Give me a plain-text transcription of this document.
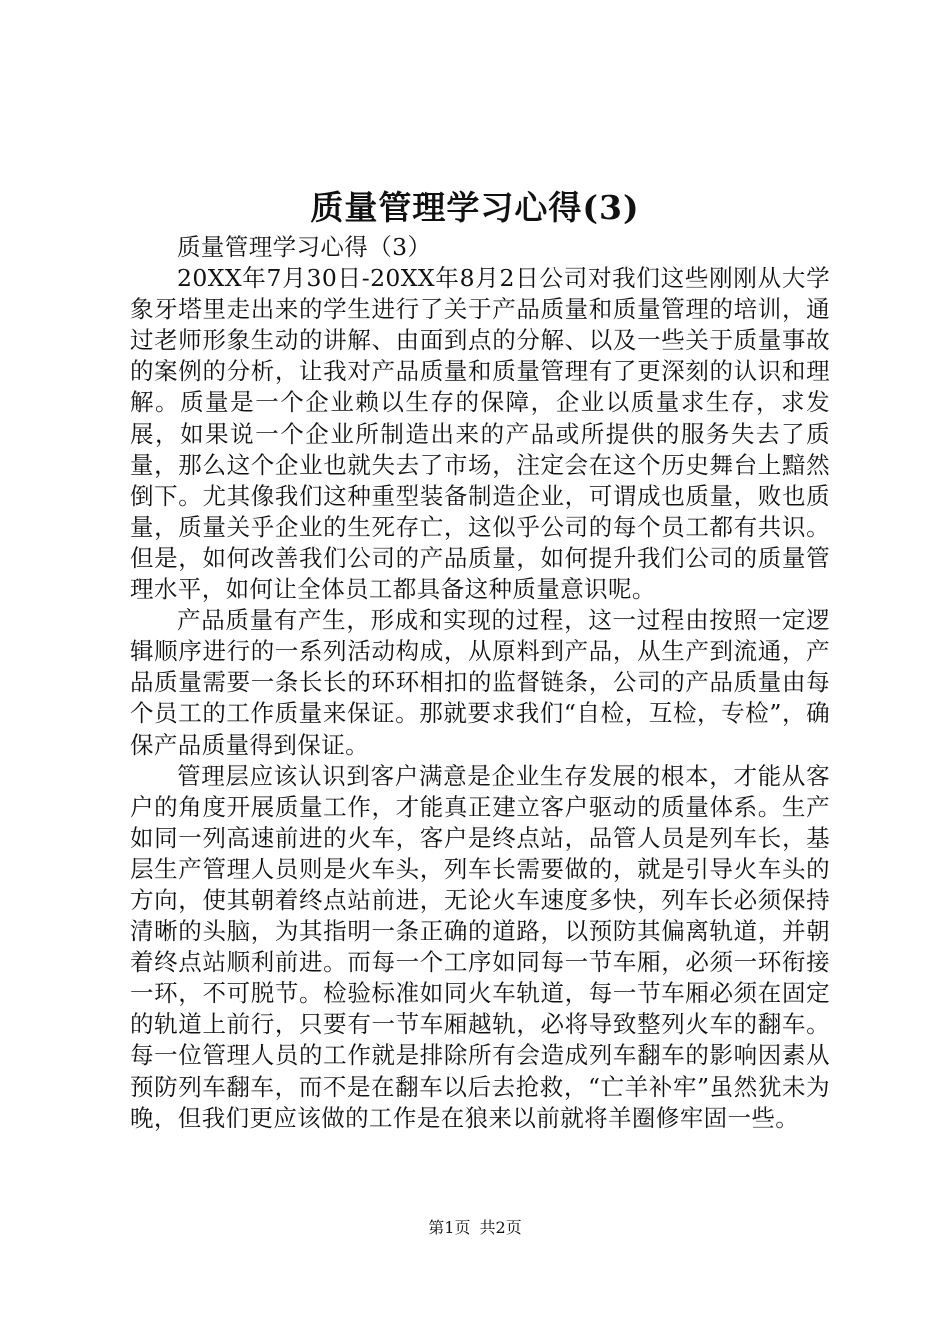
质量管理学习心得(3)

质量管理学习心得（3）

20XX年7月30日-20XX年8月2日公司对我们这些刚刚从大学象牙塔里走出来的学生进行了关于产品质量和质量管理的培训，通过老师形象生动的讲解、由面到点的分解、以及一些关于质量事故的案例的分析，让我对产品质量和质量管理有了更深刻的认识和理解。质量是一个企业赖以生存的保障，企业以质量求生存，求发展，如果说一个企业所制造出来的产品或所提供的服务失去了质量，那么这个企业也就失去了市场，注定会在这个历史舞台上黯然倒下。尤其像我们这种重型装备制造企业，可谓成也质量，败也质量，质量关乎企业的生死存亡，这似乎公司的每个员工都有共识。但是，如何改善我们公司的产品质量，如何提升我们公司的质量管理水平，如何让全体员工都具备这种质量意识呢。

产品质量有产生，形成和实现的过程，这一过程由按照一定逻辑顺序进行的一系列活动构成，从原料到产品，从生产到流通，产品质量需要一条长长的环环相扣的监督链条，公司的产品质量由每个员工的工作质量来保证。那就要求我们“自检，互检，专检”，确保产品质量得到保证。

管理层应该认识到客户满意是企业生存发展的根本，才能从客户的角度开展质量工作，才能真正建立客户驱动的质量体系。生产如同一列高速前进的火车，客户是终点站，品管人员是列车长，基层生产管理人员则是火车头，列车长需要做的，就是引导火车头的方向，使其朝着终点站前进，无论火车速度多快，列车长必须保持清晰的头脑，为其指明一条正确的道路，以预防其偏离轨道，并朝着终点站顺利前进。而每一个工序如同每一节车厢，必须一环衔接一环，不可脱节。检验标准如同火车轨道，每一节车厢必须在固定的轨道上前行，只要有一节车厢越轨，必将导致整列火车的翻车。每一位管理人员的工作就是排除所有会造成列车翻车的影响因素从预防列车翻车，而不是在翻车以后去抢救，“亡羊补牢”虽然犹未为晚，但我们更应该做的工作是在狼来以前就将羊圈修牢固一些。

第1页 共2页
